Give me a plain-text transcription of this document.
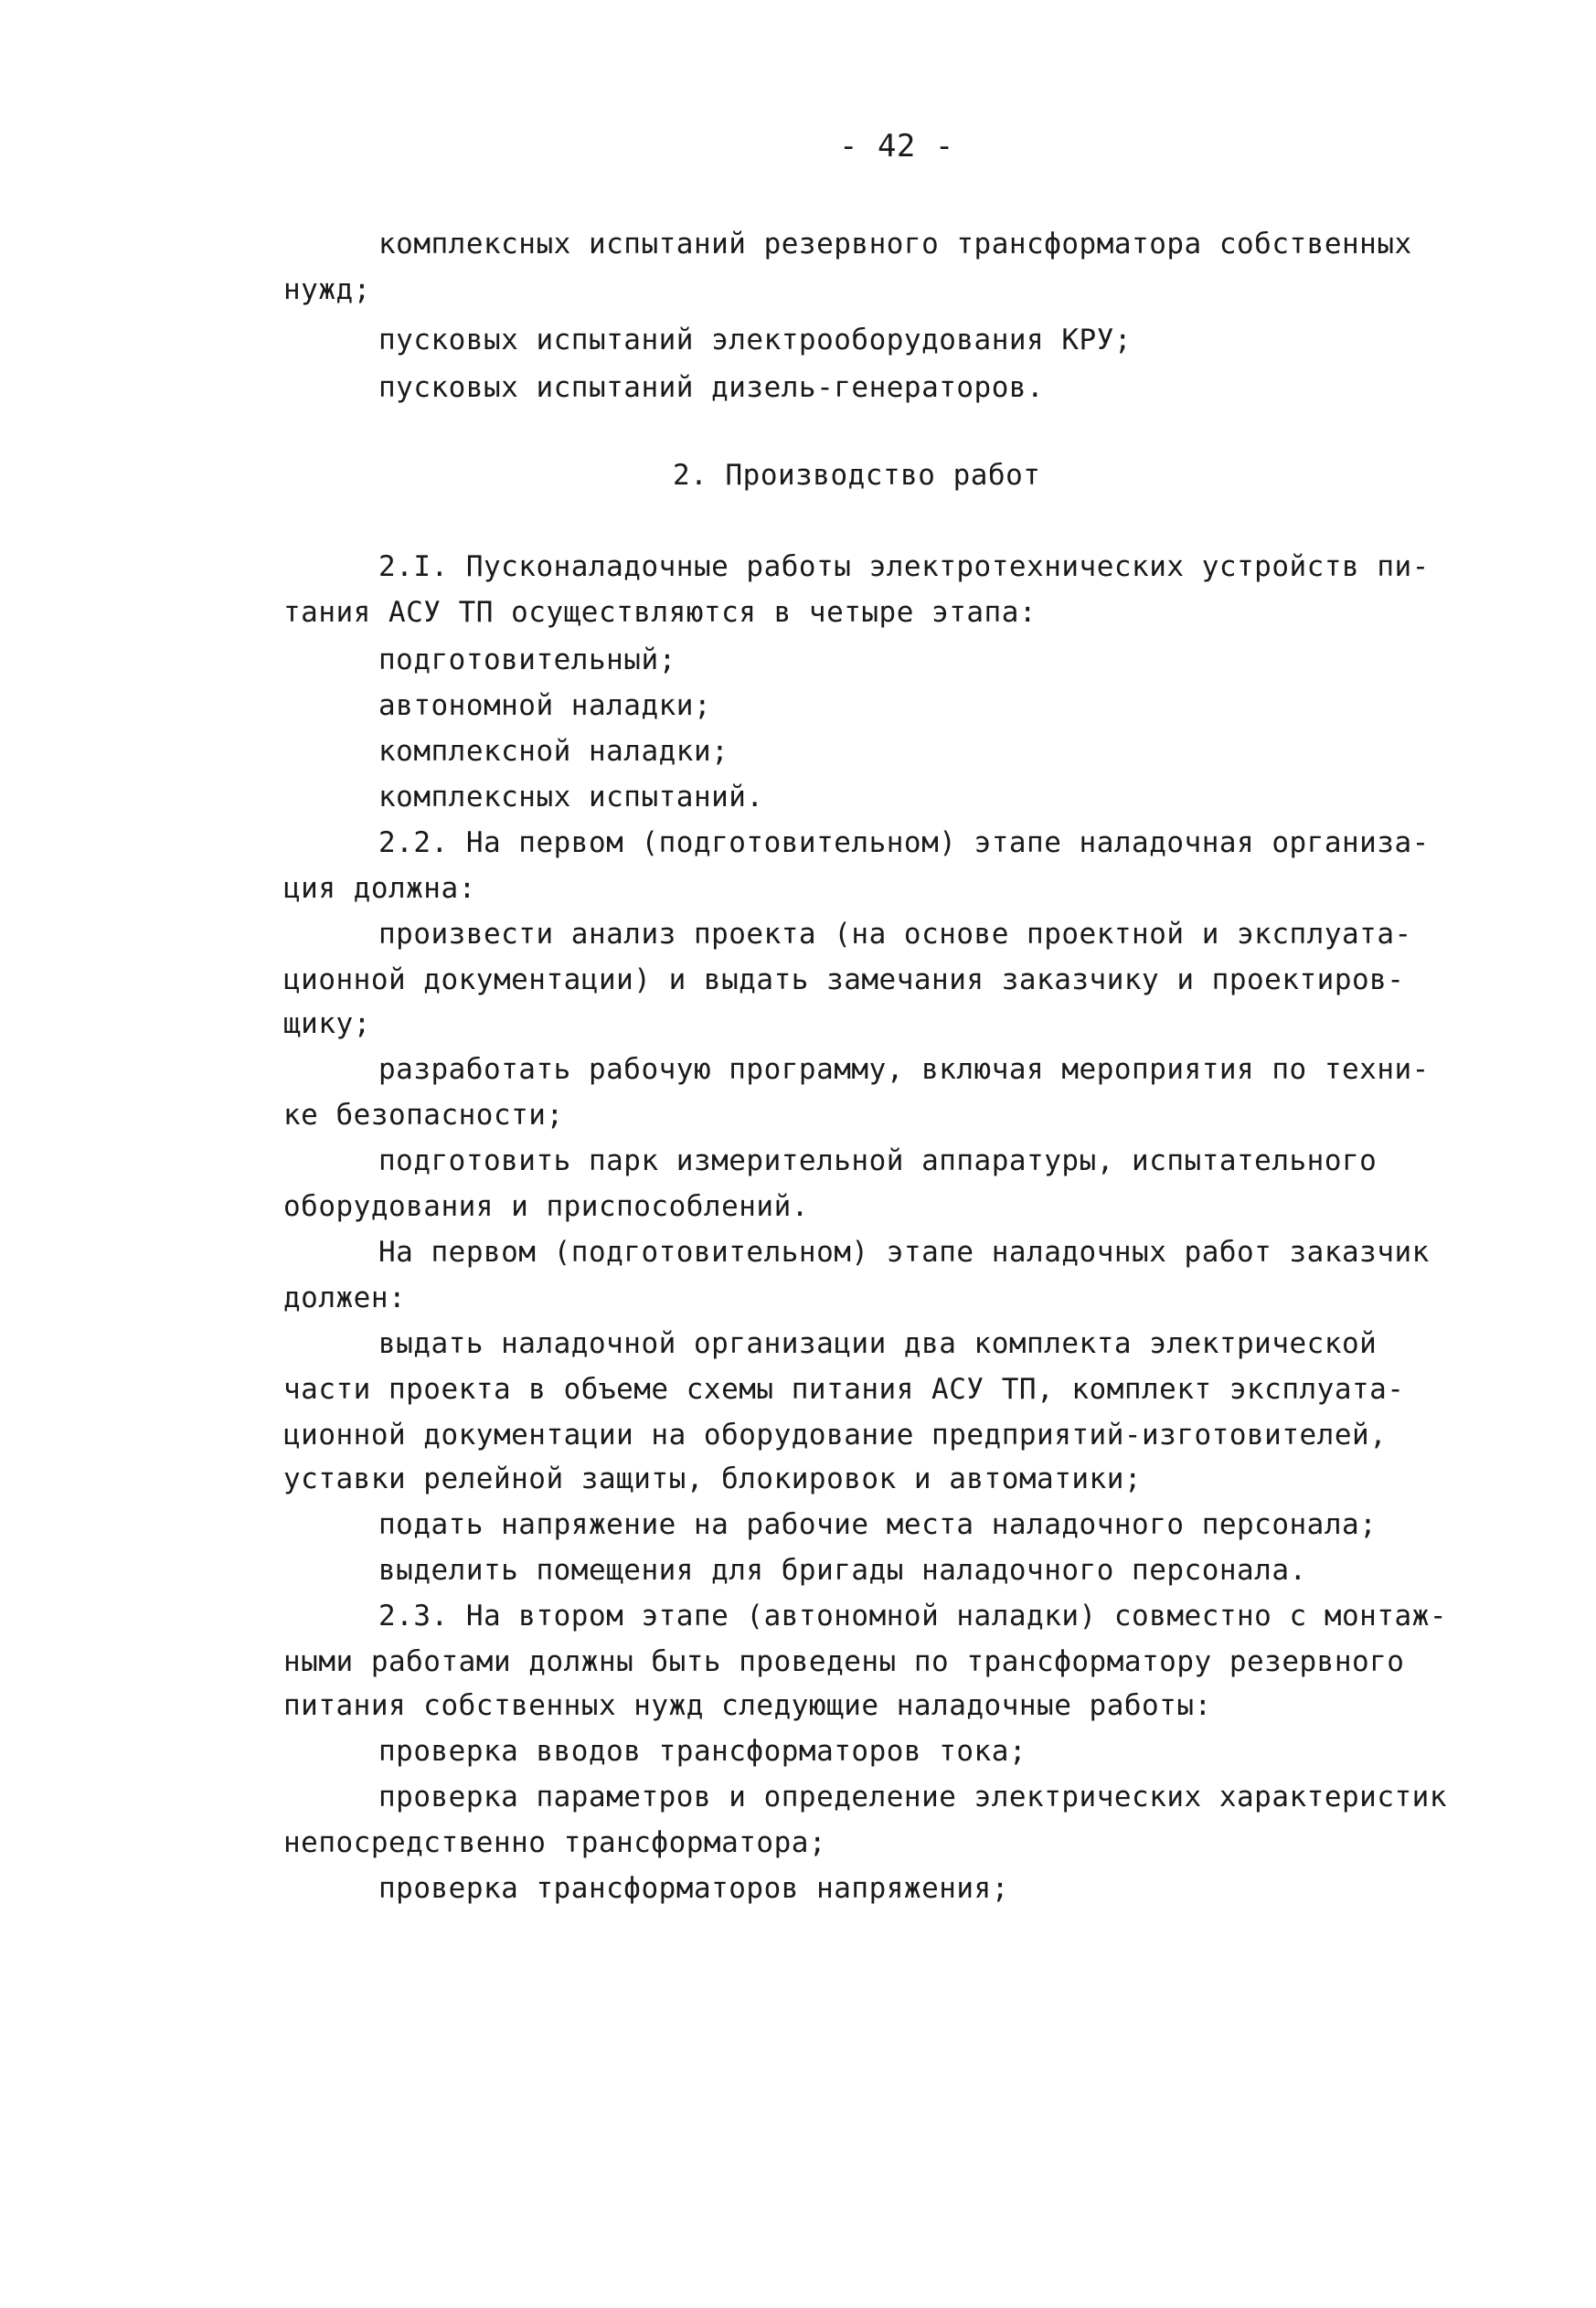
- 42 -
комплексных испытаний резервного трансформатора собственных
нужд;
пусковых испытаний электрооборудования КРУ;
пусковых испытаний дизель-генераторов.
2. Производство работ
2.I. Пусконаладочные работы электротехнических устройств пи-
тания АСУ ТП осуществляются в четыре этапа:
подготовительный;
автономной наладки;
комплексной наладки;
комплексных испытаний.
2.2. На первом (подготовительном) этапе наладочная организа-
ция должна:
произвести анализ проекта (на основе проектной и эксплуата-
ционной документации) и выдать замечания заказчику и проектиров-
щику;
разработать рабочую программу, включая мероприятия по техни-
ке безопасности;
подготовить парк измерительной аппаратуры, испытательного
оборудования и приспособлений.
На первом (подготовительном) этапе наладочных работ заказчик
должен:
выдать наладочной организации два комплекта электрической
части проекта в объеме схемы питания АСУ ТП, комплект эксплуата-
ционной документации на оборудование предприятий-изготовителей,
уставки релейной защиты, блокировок и автоматики;
подать напряжение на рабочие места наладочного персонала;
выделить помещения для бригады наладочного персонала.
2.3. На втором этапе (автономной наладки) совместно с монтаж-
ными работами должны быть проведены по трансформатору резервного
питания собственных нужд следующие наладочные работы:
проверка вводов трансформаторов тока;
проверка параметров и определение электрических характеристик
непосредственно трансформатора;
проверка трансформаторов напряжения;
